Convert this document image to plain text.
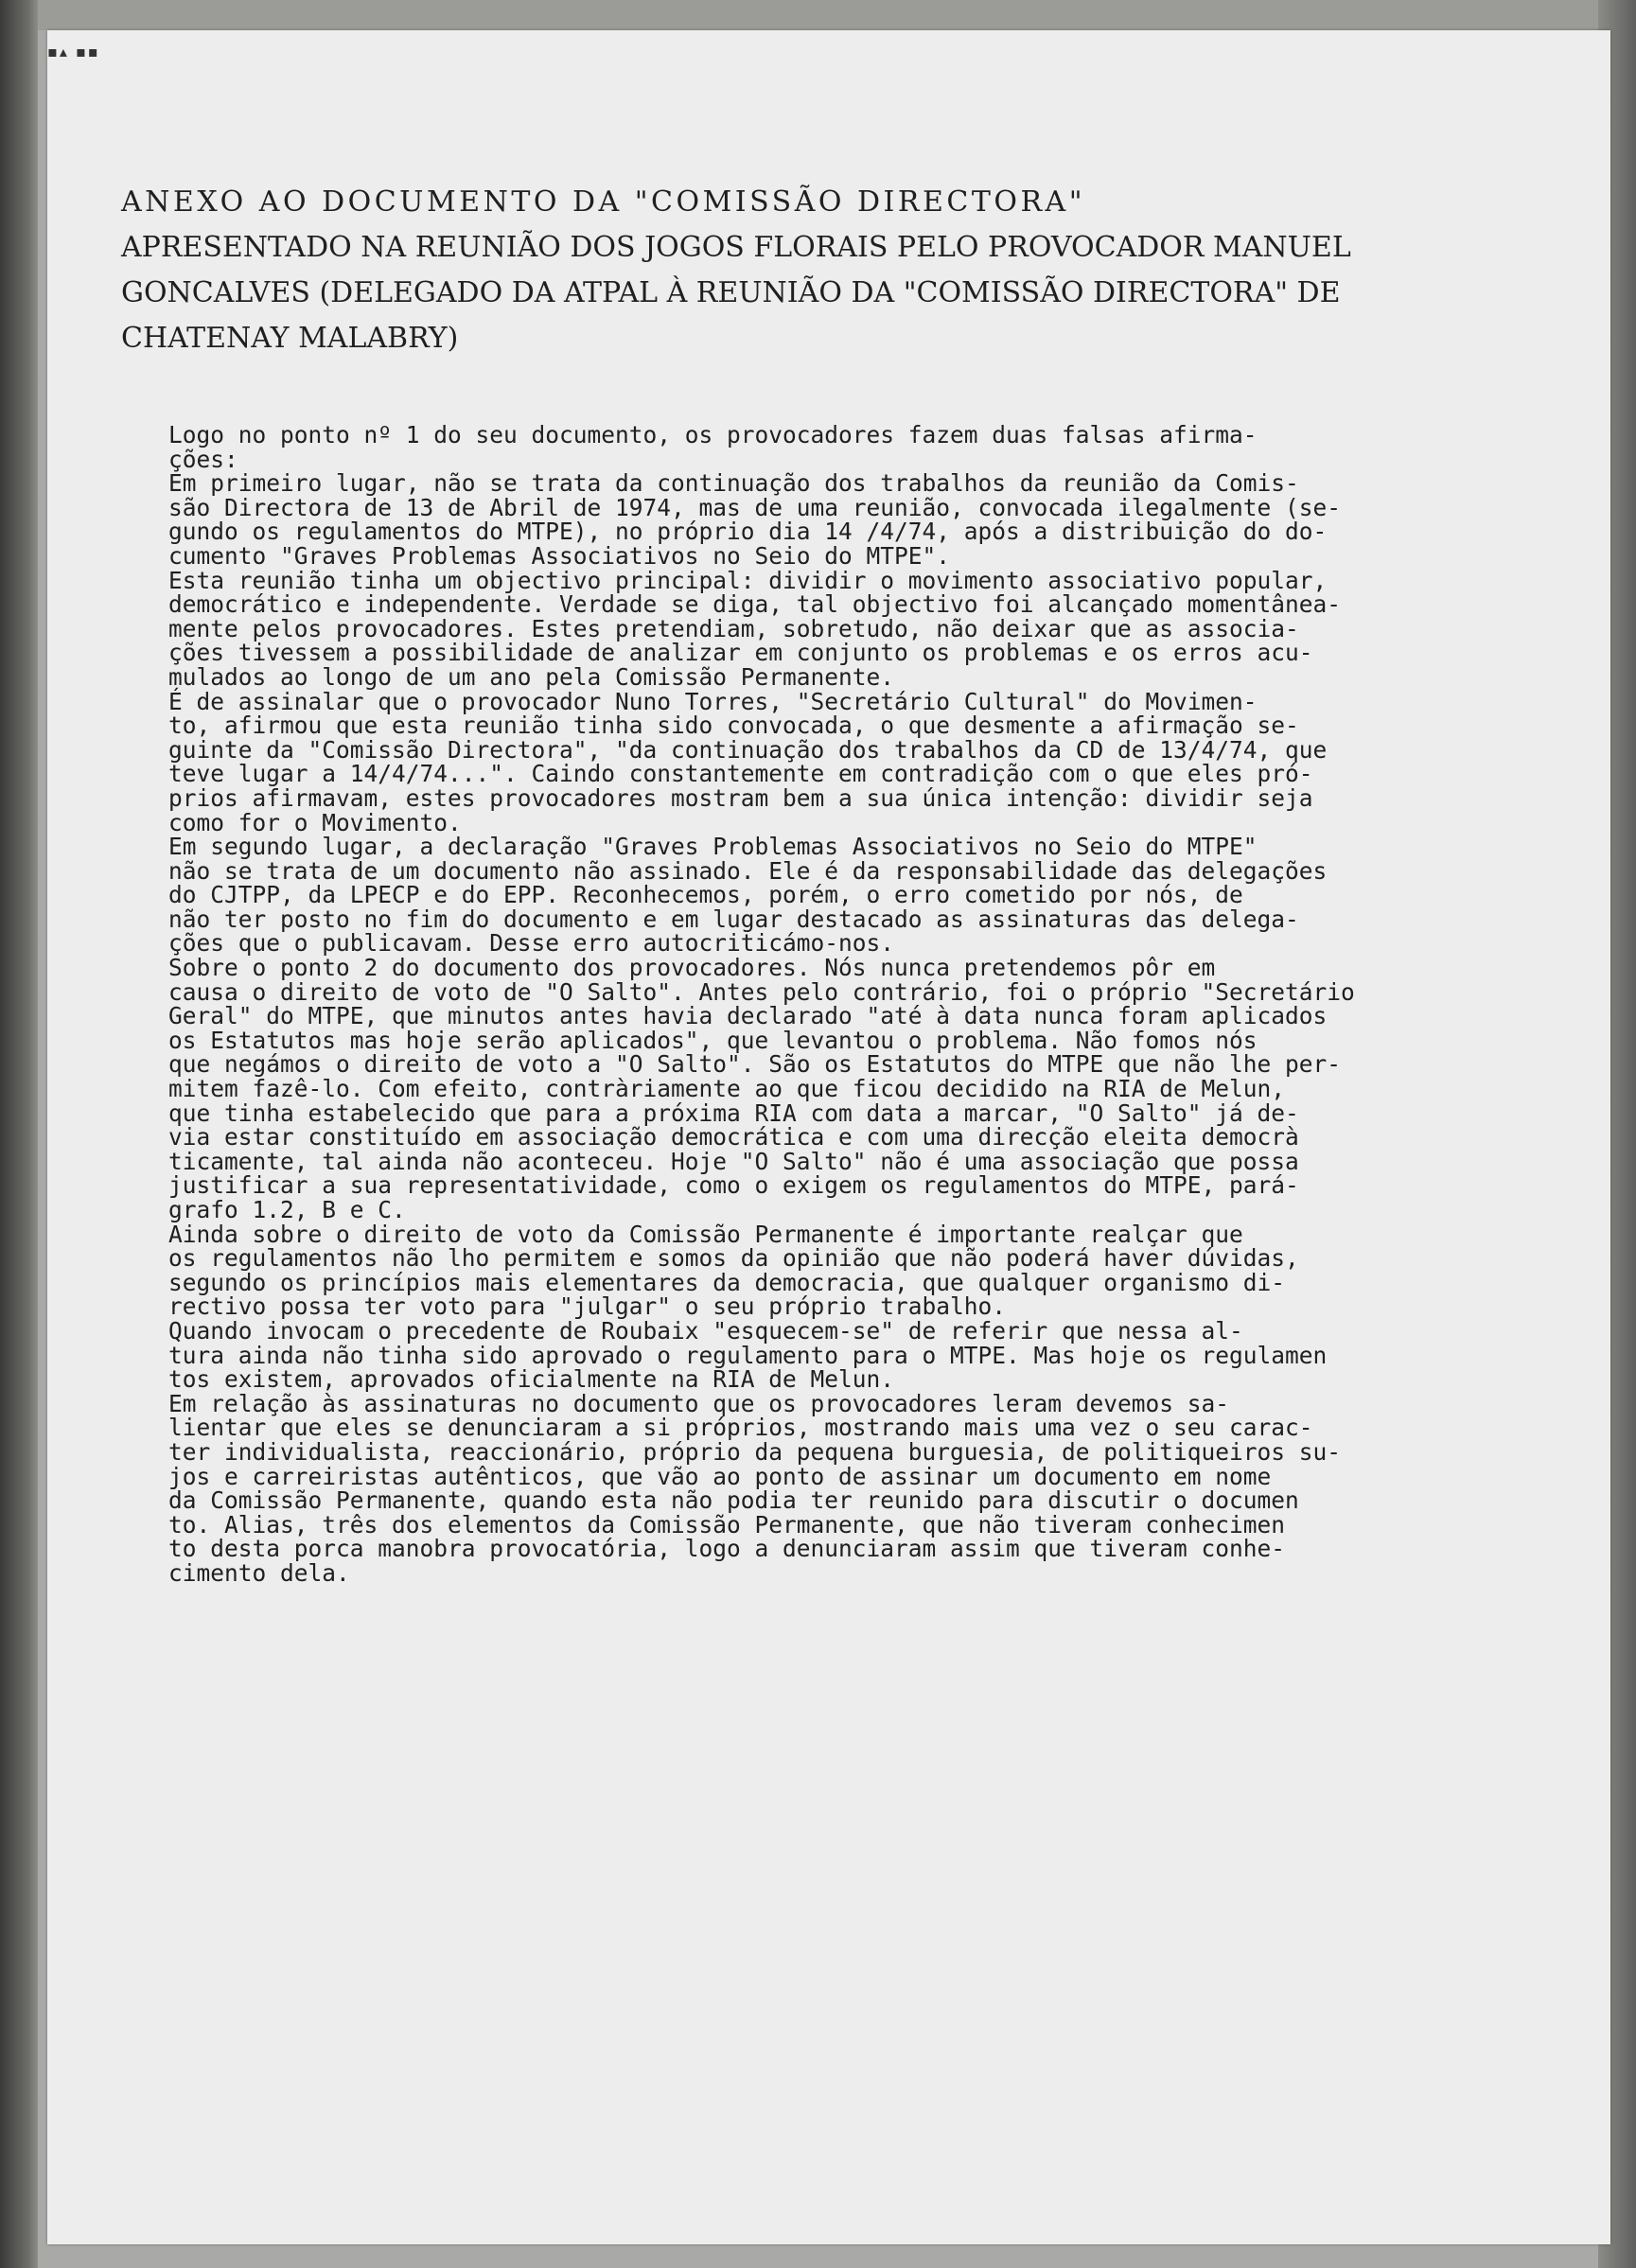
▪▴ ▪▪
ANEXO AO DOCUMENTO DA "COMISSÃO DIRECTORA"
APRESENTADO NA REUNIÃO DOS JOGOS FLORAIS PELO PROVOCADOR MANUEL
GONCALVES (DELEGADO DA ATPAL À REUNIÃO DA "COMISSÃO DIRECTORA" DE
CHATENAY MALABRY)
Logo no ponto nº 1 do seu documento, os provocadores fazem duas falsas afirma-
ções:
Em primeiro lugar, não se trata da continuação dos trabalhos da reunião da Comis-
são Directora de 13 de Abril de 1974, mas de uma reunião, convocada ilegalmente (se-
gundo os regulamentos do MTPE), no próprio dia 14 /4/74, após a distribuição do do-
cumento "Graves Problemas Associativos no Seio do MTPE".
Esta reunião tinha um objectivo principal: dividir o movimento associativo popular,
democrático e independente. Verdade se diga, tal objectivo foi alcançado momentânea-
mente pelos provocadores. Estes pretendiam, sobretudo, não deixar que as associa-
ções tivessem a possibilidade de analizar em conjunto os problemas e os erros acu-
mulados ao longo de um ano pela Comissão Permanente.
É de assinalar que o provocador Nuno Torres, "Secretário Cultural" do Movimen-
to, afirmou que esta reunião tinha sido convocada, o que desmente a afirmação se-
guinte da "Comissão Directora", "da continuação dos trabalhos da CD de 13/4/74, que
teve lugar a 14/4/74...". Caindo constantemente em contradição com o que eles pró-
prios afirmavam, estes provocadores mostram bem a sua única intenção: dividir seja
como for o Movimento.
Em segundo lugar, a declaração "Graves Problemas Associativos no Seio do MTPE"
não se trata de um documento não assinado. Ele é da responsabilidade das delegações
do CJTPP, da LPECP e do EPP. Reconhecemos, porém, o erro cometido por nós, de
não ter posto no fim do documento e em lugar destacado as assinaturas das delega-
ções que o publicavam. Desse erro autocriticámo-nos.
Sobre o ponto 2 do documento dos provocadores. Nós nunca pretendemos pôr em
causa o direito de voto de "O Salto". Antes pelo contrário, foi o próprio "Secretário
Geral" do MTPE, que minutos antes havia declarado "até à data nunca foram aplicados
os Estatutos mas hoje serão aplicados", que levantou o problema. Não fomos nós
que negámos o direito de voto a "O Salto". São os Estatutos do MTPE que não lhe per-
mitem fazê-lo. Com efeito, contràriamente ao que ficou decidido na RIA de Melun,
que tinha estabelecido que para a próxima RIA com data a marcar, "O Salto" já de-
via estar constituído em associação democrática e com uma direcção eleita democrà
ticamente, tal ainda não aconteceu. Hoje "O Salto" não é uma associação que possa
justificar a sua representatividade, como o exigem os regulamentos do MTPE, pará-
grafo 1.2, B e C.
Ainda sobre o direito de voto da Comissão Permanente é importante realçar que
os regulamentos não lho permitem e somos da opinião que não poderá haver dúvidas,
segundo os princípios mais elementares da democracia, que qualquer organismo di-
rectivo possa ter voto para "julgar" o seu próprio trabalho.
Quando invocam o precedente de Roubaix "esquecem-se" de referir que nessa al-
tura ainda não tinha sido aprovado o regulamento para o MTPE. Mas hoje os regulamen
tos existem, aprovados oficialmente na RIA de Melun.
Em relação às assinaturas no documento que os provocadores leram devemos sa-
lientar que eles se denunciaram a si próprios, mostrando mais uma vez o seu carac-
ter individualista, reaccionário, próprio da pequena burguesia, de politiqueiros su-
jos e carreiristas autênticos, que vão ao ponto de assinar um documento em nome
da Comissão Permanente, quando esta não podia ter reunido para discutir o documen
to. Alias, três dos elementos da Comissão Permanente, que não tiveram conhecimen
to desta porca manobra provocatória, logo a denunciaram assim que tiveram conhe-
cimento dela.
